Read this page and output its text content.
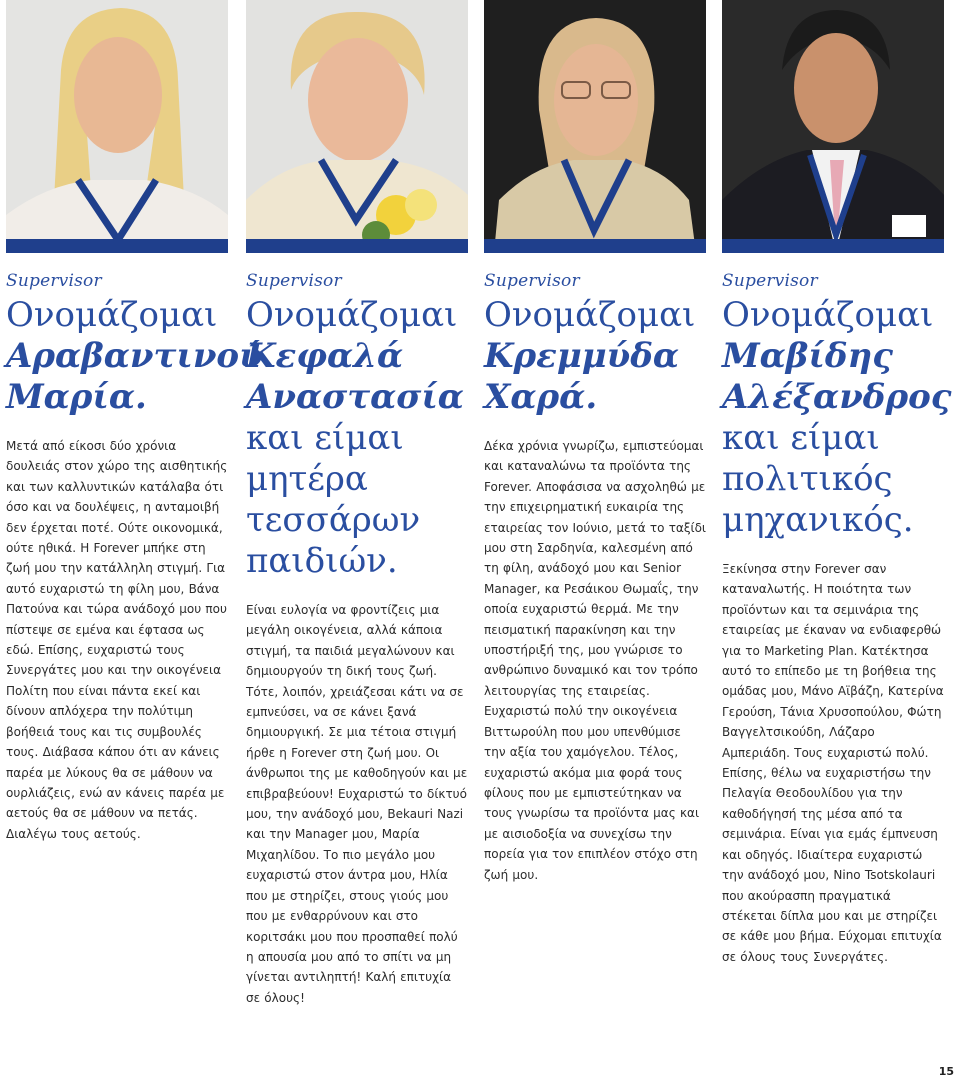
Supervisor
Ονομάζομαι
Αραβαντινού Μαρία.

Μετά από είκοσι δύο χρόνια δουλειάς στον χώρο της αισθητικής και των καλλυντικών κατάλαβα ότι όσο και να δουλέψεις, η ανταμοιβή δεν έρχεται ποτέ. Ούτε οικονομικά, ούτε ηθικά. Η Forever μπήκε στη ζωή μου την κατάλληλη στιγμή. Για αυτό ευχαριστώ τη φίλη μου, Βάνα Πατούνα και τώρα ανάδοχό μου που πίστεψε σε εμένα και έφτασα ως εδώ. Επίσης, ευχαριστώ τους Συνεργάτες μου και την οικογένεια Πολίτη που είναι πάντα εκεί και δίνουν απλόχερα την πολύτιμη βοήθειά τους και τις συμβουλές τους. Διάβασα κάπου ότι αν κάνεις παρέα με λύκους θα σε μάθουν να ουρλιάζεις, ενώ αν κάνεις παρέα με αετούς θα σε μάθουν να πετάς. Διαλέγω τους αετούς.

Supervisor
Ονομάζομαι
Κεφαλά Αναστασία
και είμαι μητέρα τεσσάρων παιδιών.

Είναι ευλογία να φροντίζεις μια μεγάλη οικογένεια, αλλά κάποια στιγμή, τα παιδιά μεγαλώνουν και δημιουργούν τη δική τους ζωή. Τότε, λοιπόν, χρειάζεσαι κάτι να σε εμπνεύσει, να σε κάνει ξανά δημιουργική. Σε μια τέτοια στιγμή ήρθε η Forever στη ζωή μου. Οι άνθρωποι της με καθοδηγούν και με επιβραβεύουν! Ευχαριστώ το δίκτυό μου, την ανάδοχό μου, Bekauri Nazi και την Manager μου, Μαρία Μιχαηλίδου. Το πιο μεγάλο μου ευχαριστώ στον άντρα μου, Ηλία που με στηρίζει, στους γιούς μου που με ενθαρρύνουν και στο κοριτσάκι μου που προσπαθεί πολύ η απουσία μου από το σπίτι να μη γίνεται αντιληπτή! Καλή επιτυχία σε όλους!

Supervisor
Ονομάζομαι
Κρεμμύδα Χαρά.

Δέκα χρόνια γνωρίζω, εμπιστεύομαι και καταναλώνω τα προϊόντα της Forever. Αποφάσισα να ασχοληθώ με την επιχειρηματική ευκαιρία της εταιρείας τον Ιούνιο, μετά το ταξίδι μου στη Σαρδηνία, καλεσμένη από τη φίλη, ανάδοχό μου και Senior Manager, κα Ρεσάικου Θωμαΐς, την οποία ευχαριστώ θερμά. Με την πεισματική παρακίνηση και την υποστήριξή της, μου γνώρισε το ανθρώπινο δυναμικό και τον τρόπο λειτουργίας της εταιρείας. Ευχαριστώ πολύ την οικογένεια Βιττωρούλη που μου υπενθύμισε την αξία του χαμόγελου. Τέλος, ευχαριστώ ακόμα μια φορά τους φίλους που με εμπιστεύτηκαν να τους γνωρίσω τα προϊόντα μας και με αισιοδοξία να συνεχίσω την πορεία για τον επιπλέον στόχο στη ζωή μου.

Supervisor
Ονομάζομαι
Μαβίδης Αλέξανδρος
και είμαι πολιτικός μηχανικός.

Ξεκίνησα στην Forever σαν καταναλωτής. Η ποιότητα των προϊόντων και τα σεμινάρια της εταιρείας με έκαναν να ενδιαφερθώ για το Marketing Plan. Κατέκτησα αυτό το επίπεδο με τη βοήθεια της ομάδας μου, Μάνο Αϊβάζη, Κατερίνα Γερούση, Τάνια Χρυσοπούλου, Φώτη Βαγγελτσικούδη, Λάζαρο Αμπεριάδη. Τους ευχαριστώ πολύ. Επίσης, θέλω να ευχαριστήσω την Πελαγία Θεοδουλίδου για την καθοδήγησή της μέσα από τα σεμινάρια. Είναι για εμάς έμπνευση και οδηγός. Ιδιαίτερα ευχαριστώ την ανάδοχό μου, Nino Tsotskolauri που ακούρασπη πραγματικά στέκεται δίπλα μου και με στηρίζει σε κάθε μου βήμα. Εύχομαι επιτυχία σε όλους τους Συνεργάτες.

15
